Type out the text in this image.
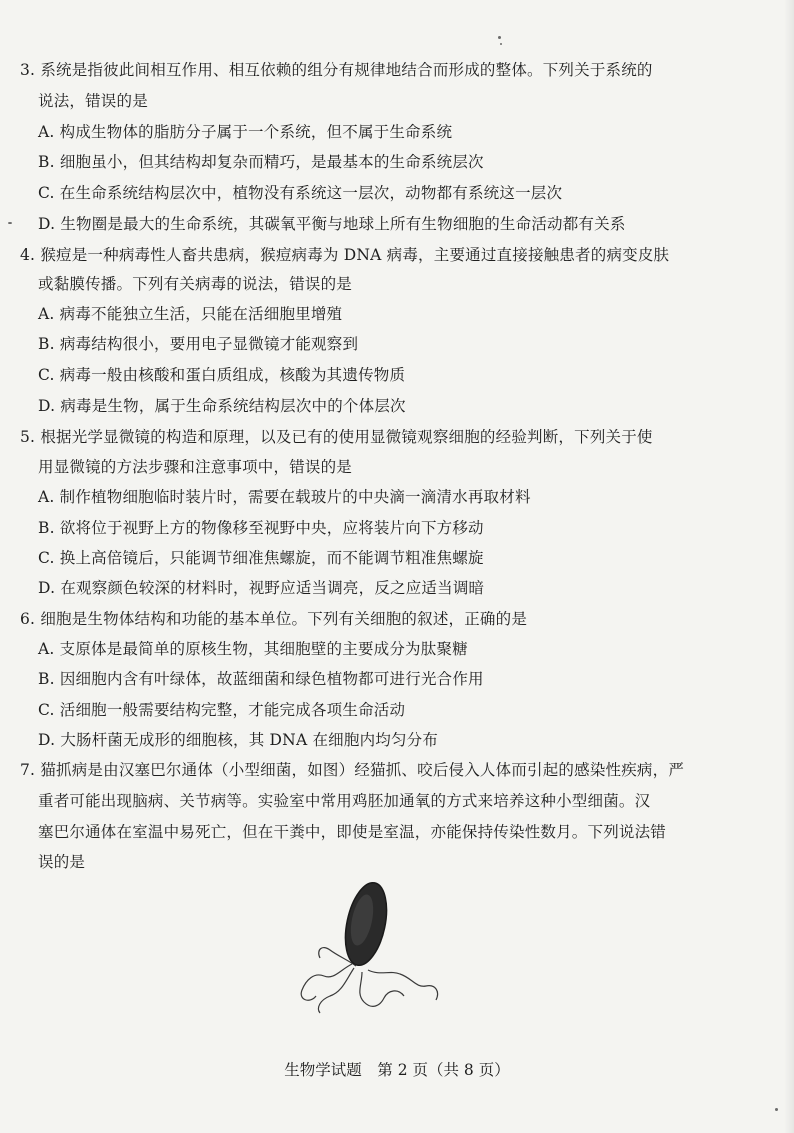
3. 系统是指彼此间相互作用、相互依赖的组分有规律地结合而形成的整体。下列关于系统的
说法，错误的是
A. 构成生物体的脂肪分子属于一个系统，但不属于生命系统
B. 细胞虽小，但其结构却复杂而精巧，是最基本的生命系统层次
C. 在生命系统结构层次中，植物没有系统这一层次，动物都有系统这一层次
D. 生物圈是最大的生命系统，其碳氧平衡与地球上所有生物细胞的生命活动都有关系
4. 猴痘是一种病毒性人畜共患病，猴痘病毒为 DNA 病毒，主要通过直接接触患者的病变皮肤
或黏膜传播。下列有关病毒的说法，错误的是
A. 病毒不能独立生活，只能在活细胞里增殖
B. 病毒结构很小，要用电子显微镜才能观察到
C. 病毒一般由核酸和蛋白质组成，核酸为其遗传物质
D. 病毒是生物，属于生命系统结构层次中的个体层次
5. 根据光学显微镜的构造和原理，以及已有的使用显微镜观察细胞的经验判断，下列关于使
用显微镜的方法步骤和注意事项中，错误的是
A. 制作植物细胞临时装片时，需要在载玻片的中央滴一滴清水再取材料
B. 欲将位于视野上方的物像移至视野中央，应将装片向下方移动
C. 换上高倍镜后，只能调节细准焦螺旋，而不能调节粗准焦螺旋
D. 在观察颜色较深的材料时，视野应适当调亮，反之应适当调暗
6. 细胞是生物体结构和功能的基本单位。下列有关细胞的叙述，正确的是
A. 支原体是最简单的原核生物，其细胞壁的主要成分为肽聚糖
B. 因细胞内含有叶绿体，故蓝细菌和绿色植物都可进行光合作用
C. 活细胞一般需要结构完整，才能完成各项生命活动
D. 大肠杆菌无成形的细胞核，其 DNA 在细胞内均匀分布
7. 猫抓病是由汉塞巴尔通体（小型细菌，如图）经猫抓、咬后侵入人体而引起的感染性疾病，严
重者可能出现脑病、关节病等。实验室中常用鸡胚加通氧的方式来培养这种小型细菌。汉
塞巴尔通体在室温中易死亡，但在干粪中，即使是室温，亦能保持传染性数月。下列说法错
误的是
生物学试题　第 2 页（共 8 页）
